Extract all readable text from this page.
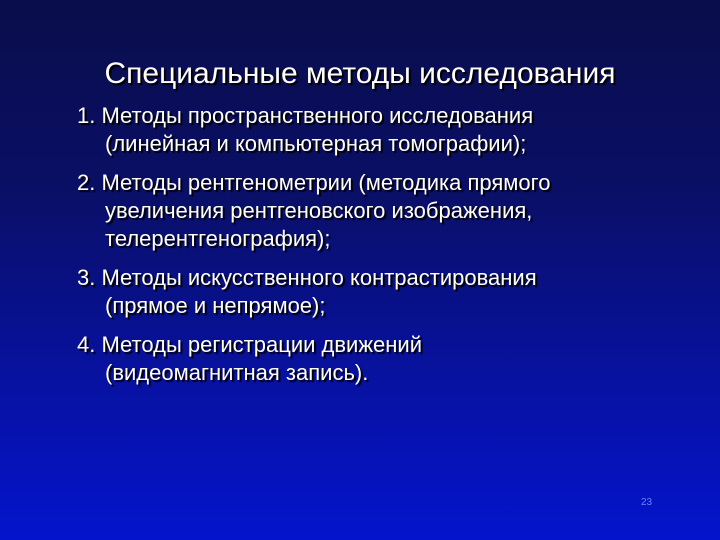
Специальные методы исследования
1. Методы пространственного исследования
(линейная и компьютерная томографии);
2. Методы рентгенометрии (методика прямого
увеличения рентгеновского изображения,
телерентгенография);
3. Методы искусственного контрастирования
(прямое и непрямое);
4. Методы регистрации движений
(видеомагнитная запись).
23
